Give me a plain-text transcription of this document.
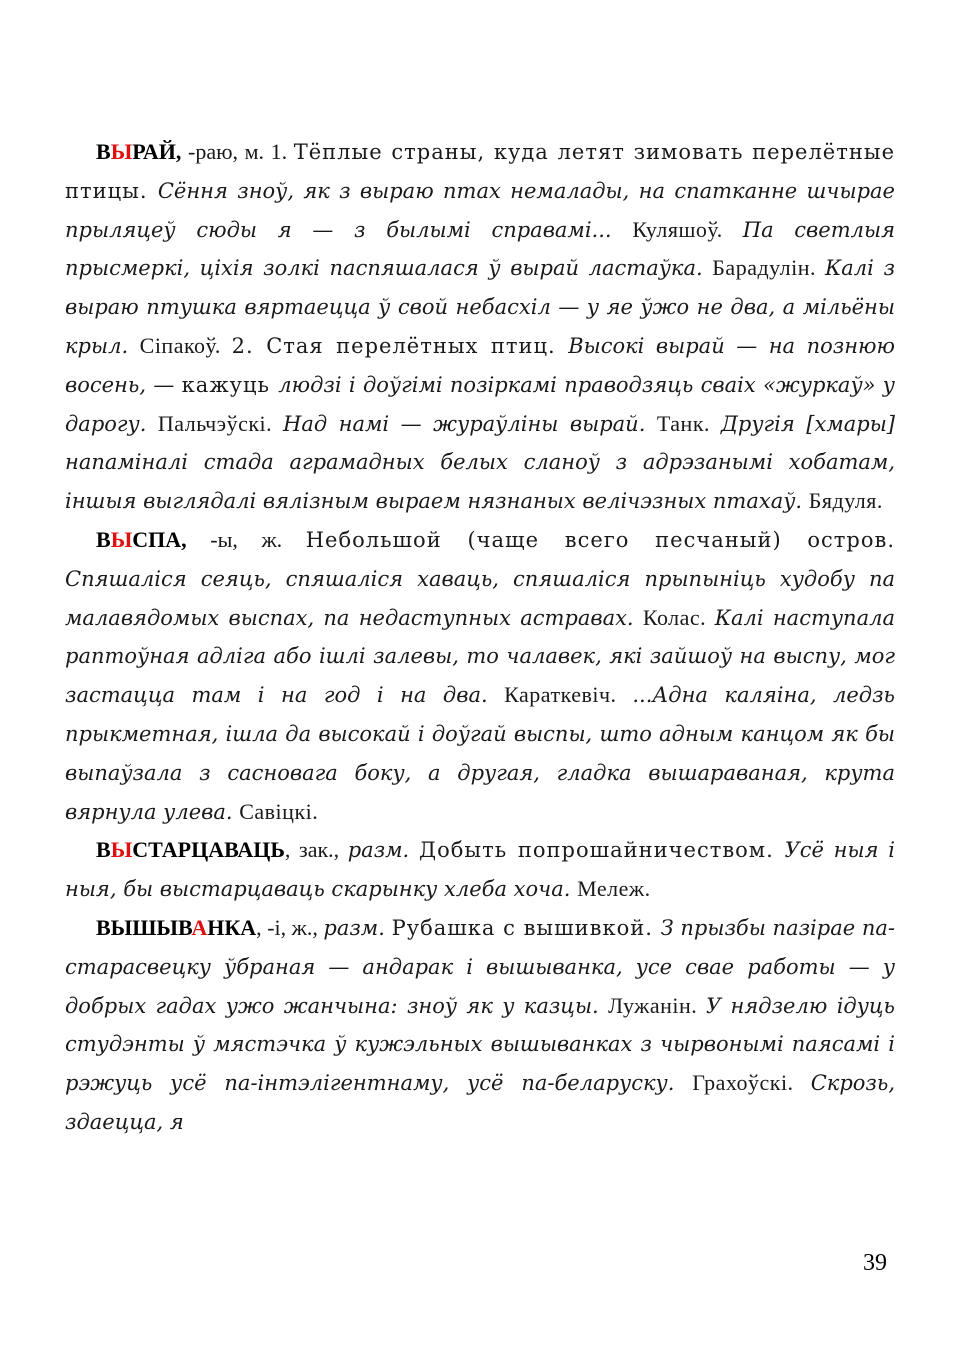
ВЫРАЙ, -раю, м. 1. Тёплые страны, куда летят зимовать перелётные птицы. Сёння зноў, як з выраю птах немалады, на спатканне шчырае прыляцеў сюды я — з былымі справамі... Куляшоў. Па светлыя прысмеркі, ціхія золкі паспяшалася ў вырай ластаўка. Барадулін. Калі з выраю птушка вяртаецца ў свой небасхіл — у яе ўжо не два, а мільёны крыл. Сіпакоў. 2. Стая перелётных птиц. Высокі вырай — на познюю восень, — кажуць людзі і доўгімі позіркамі праводзяць сваіх «журкаў» у дарогу. Пальчэўскі. Над намі — жураўліны вырай. Танк. Другія [хмары] напаміналі стада аграмадных белых сланоў з адрэзанымі хобатам, іншыя выглядалі вялізным выраем нязнаных велічэзных птахаў. Бядуля.

ВЫСПА, -ы, ж. Небольшой (чаще всего песчаный) остров. Спяшаліся сеяць, спяшаліся хаваць, спяшаліся прыпыніць худобу па малавядомых выспах, па недаступных астравах. Колас. Калі наступала раптоўная адліга або ішлі залевы, то чалавек, які зайшоў на выспу, мог застацца там і на год і на два. Караткевіч. ...Адна каляіна, ледзь прыкметная, ішла да высокай і доўгай выспы, што адным канцом як бы выпаўзала з сасновага боку, а другая, гладка вышараваная, крута вярнула улева. Савіцкі.

ВЫСТАРЦАВАЦЬ, зак., разм. Добыть попрошайничеством. Усё ныя і ныя, бы выстарцаваць скарынку хлеба хоча. Мележ.

ВЫШЫВАНКА, -і, ж., разм. Рубашка с вышивкой. З прызбы пазірае па-старасвецку ўбраная — андарак і вышыванка, усе свае работы — у добрых гадах ужо жанчына: зноў як у казцы. Лужанін. У нядзелю ідуць студэнты ў мястэчка ў кужэльных вышыванках з чырвонымі паясамі і рэжуць усё па-інтэлігентнаму, усё па-беларуску. Грахоўскі. Скрозь, здаецца, я

39
